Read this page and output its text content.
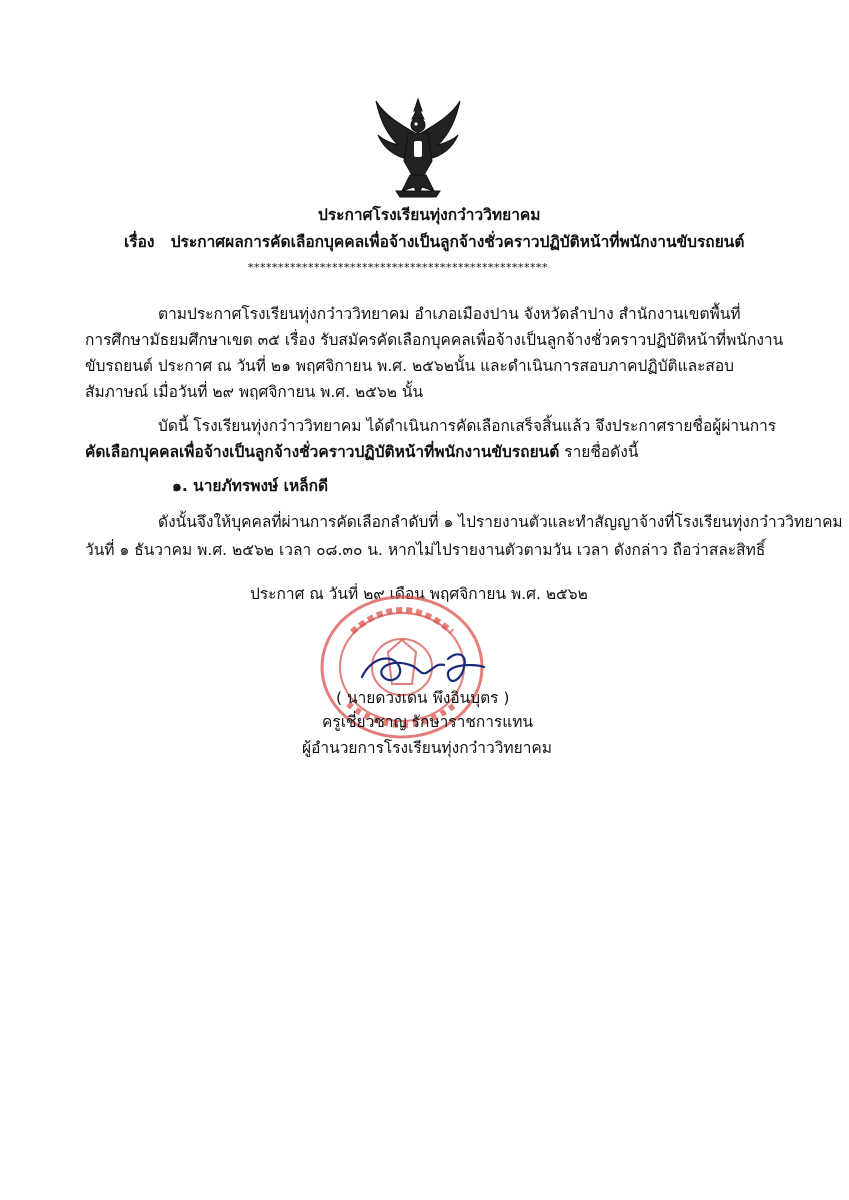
ประกาศโรงเรียนทุ่งกว๋าววิทยาคม
เรื่อง ประกาศผลการคัดเลือกบุคคลเพื่อจ้างเป็นลูกจ้างชั่วคราวปฏิบัติหน้าที่พนักงานขับรถยนต์
**************************************************
ตามประกาศโรงเรียนทุ่งกว๋าววิทยาคม อำเภอเมืองปาน จังหวัดลำปาง สำนักงานเขตพื้นที่
การศึกษามัธยมศึกษาเขต ๓๕ เรื่อง รับสมัครคัดเลือกบุคคลเพื่อจ้างเป็นลูกจ้างชั่วคราวปฏิบัติหน้าที่พนักงาน
ขับรถยนต์ ประกาศ ณ วันที่ ๒๑ พฤศจิกายน พ.ศ. ๒๕๖๒นั้น และดำเนินการสอบภาคปฏิบัติและสอบ
สัมภาษณ์ เมื่อวันที่ ๒๙ พฤศจิกายน พ.ศ. ๒๕๖๒ นั้น
บัดนี้ โรงเรียนทุ่งกว๋าววิทยาคม ได้ดำเนินการคัดเลือกเสร็จสิ้นแล้ว จึงประกาศรายชื่อผู้ผ่านการ
คัดเลือกบุคคลเพื่อจ้างเป็นลูกจ้างชั่วคราวปฏิบัติหน้าที่พนักงานขับรถยนต์ รายชื่อดังนี้
๑. นายภัทรพงษ์ เหล็กดี
ดังนั้นจึงให้บุคคลที่ผ่านการคัดเลือกลำดับที่ ๑ ไปรายงานตัวและทำสัญญาจ้างที่โรงเรียนทุ่งกว๋าววิทยาคม
วันที่ ๑ ธันวาคม พ.ศ. ๒๕๖๒ เวลา ๐๘.๓๐ น. หากไม่ไปรายงานตัวตามวัน เวลา ดังกล่าว ถือว่าสละสิทธิ์
ประกาศ ณ วันที่ ๒๙ เดือน พฤศจิกายน พ.ศ. ๒๕๖๒
( นายดวงเดน พึงอินบุตร )
ครูเชี่ยวชาญ รักษาราชการแทน
ผู้อำนวยการโรงเรียนทุ่งกว๋าววิทยาคม
